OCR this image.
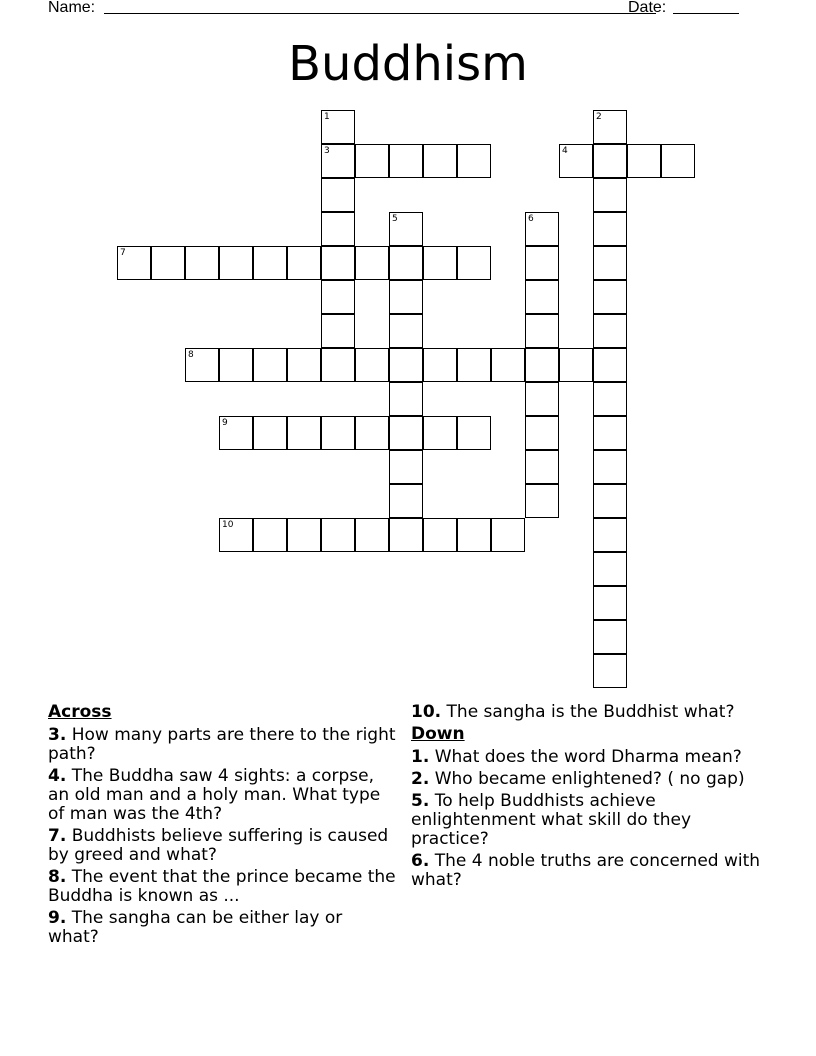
Name:	Date:
Buddhism
1
3
2
4
5	6
7
8
9
10
Across
3. How many parts are there to the right path?
4. The Buddha saw 4 sights: a corpse, an old man and a holy man. What type of man was the 4th?
7. Buddhists believe suffering is caused by greed and what?
8. The event that the prince became the Buddha is known as ...
9. The sangha can be either lay or what?
10. The sangha is the Buddhist what?
Down
1. What does the word Dharma mean?
2. Who became enlightened? ( no gap)
5. To help Buddhists achieve enlightenment what skill do they practice?
6. The 4 noble truths are concerned with what?
